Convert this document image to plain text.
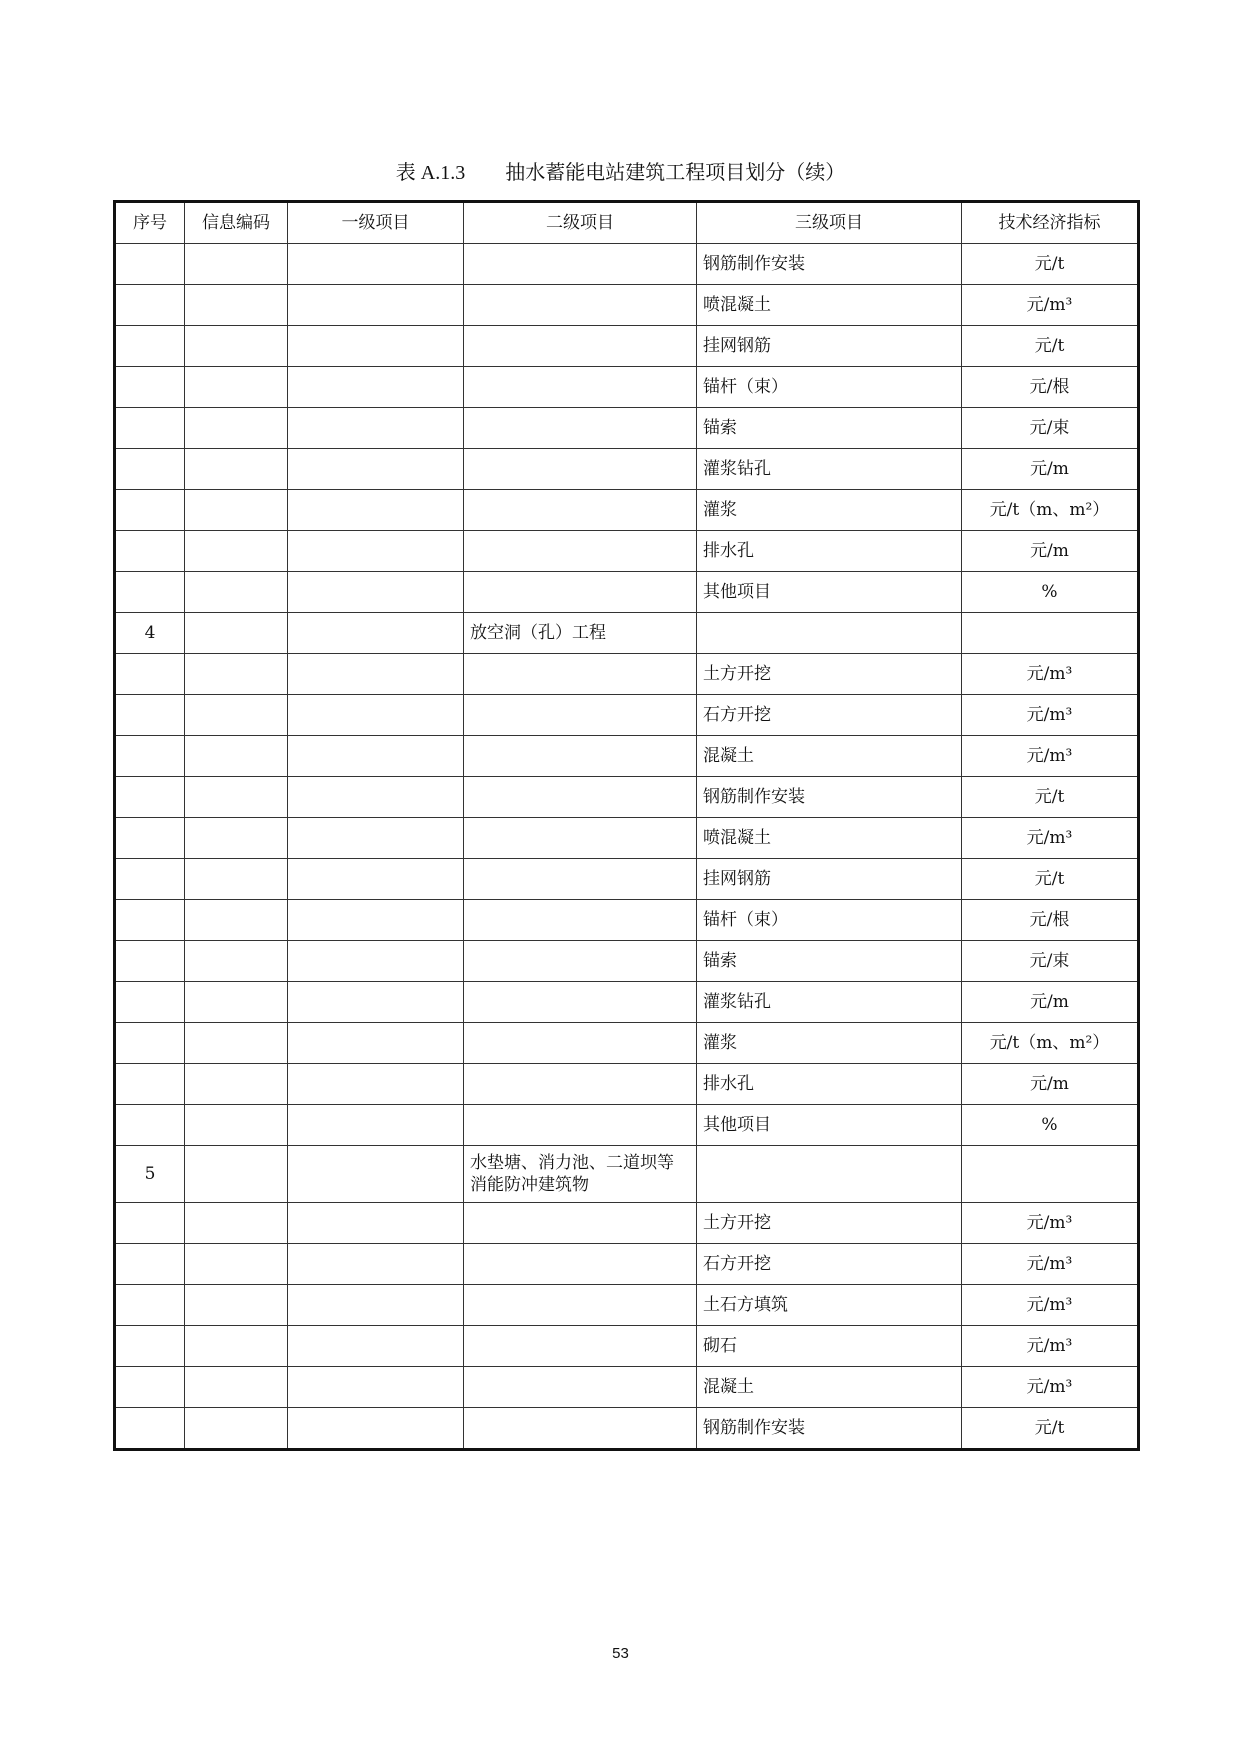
表 A.1.3 抽水蓄能电站建筑工程项目划分（续）
序号	信息编码	一级项目	二级项目	三级项目	技术经济指标
				钢筋制作安装	元/t
				喷混凝土	元/m³
				挂网钢筋	元/t
				锚杆（束）	元/根
				锚索	元/束
				灌浆钻孔	元/m
				灌浆	元/t（m、m²）
				排水孔	元/m
				其他项目	%
4			放空洞（孔）工程		
				土方开挖	元/m³
				石方开挖	元/m³
				混凝土	元/m³
				钢筋制作安装	元/t
				喷混凝土	元/m³
				挂网钢筋	元/t
				锚杆（束）	元/根
				锚索	元/束
				灌浆钻孔	元/m
				灌浆	元/t（m、m²）
				排水孔	元/m
				其他项目	%
5			水垫塘、消力池、二道坝等消能防冲建筑物		
				土方开挖	元/m³
				石方开挖	元/m³
				土石方填筑	元/m³
				砌石	元/m³
				混凝土	元/m³
				钢筋制作安装	元/t
53
